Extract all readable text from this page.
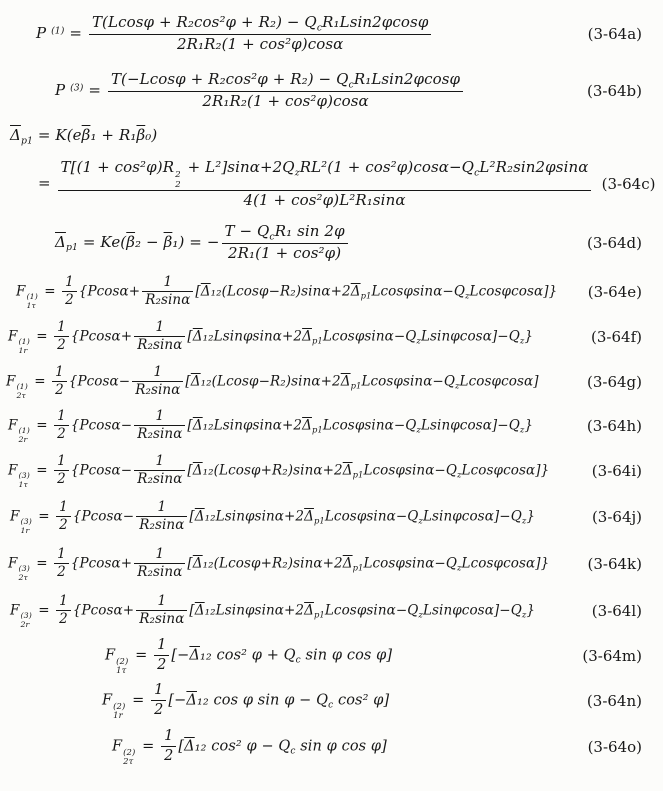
P $^{(1)}$ =
$T(Lcos\varphi + R_2\cos^2\varphi + R_2) - Q_cR_1Lsin2\varphi\cos\varphi$
2R₁R₂(1 + cos²φ)cosα
(3-64a)
P $^{(3)}$ =
$T(-Lcos\varphi + R_2\cos^2\varphi + R_2) - Q_cR_1Lsin2\varphi\cos\varphi$
2R₁R₂(1 + cos²φ)cosα
(3-64b)
$\overline{\Delta}_{p1} = K(e\overline{\beta}_1 + R_1\overline{\beta}_0)$
=
T[(1 + cos²φ)R 2
2
+ $L^2]\sin\alpha+2Q_zRL^2(1 + \cos^2\varphi)\cos\alpha-Q_cL^2R_2\sin 2\varphi\sin\alpha$
4(1 + cos²φ)L²R₁sinα
(3-64c)
$\overline{\Delta}_{p1} = Ke(\overline{\beta}_2 - \overline{\beta}_1)$ = −
$T - Q_cR_1$ sin 2φ
2R₁(1 + cos²φ)
(3-64d)
F (1)
1τ
= $\frac{1}{2} \{Pcos\alpha+ \frac{1}{\text{R₂sinα}} [\overline{\Delta}_{12}(Lcos\varphi-R_2)\sin\alpha+2\overline{\Delta}_{p1}Lcos\varphi\sin\alpha-Q_zLcos\varphi\cos\alpha]\}$	(3-64e)
F (1)
1r
= $\frac{1}{2} \{Pcos\alpha+ \frac{1}{\text{R₂sinα}} [\overline{\Delta}_{12}Lsin\varphi\sin\alpha+2\overline{\Delta}_{p1}Lcos\varphi\sin\alpha-Q_zLsin\varphi\cos\alpha]-Q_z\}$	(3-64f)
F (1)
2τ
= $\frac{1}{2} \{Pcos\alpha- \frac{1}{\text{R₂sinα}} [\overline{\Delta}_{12}(Lcos\varphi-R_2)\sin\alpha+2\overline{\Delta}_{p1}Lcos\varphi\sin\alpha-Q_zLcos\varphi\cos\alpha]$	(3-64g)
F (1)
2r
= $\frac{1}{2} \{Pcos\alpha- \frac{1}{\text{R₂sinα}} [\overline{\Delta}_{12}Lsin\varphi\sin\alpha+2\overline{\Delta}_{p1}Lcos\varphi\sin\alpha-Q_zLsin\varphi\cos\alpha]-Q_z\}$	(3-64h)
F (3)
1τ
= $\frac{1}{2} \{Pcos\alpha- \frac{1}{\text{R₂sinα}} [\overline{\Delta}_{12}(Lcos\varphi+R_2)\sin\alpha+2\overline{\Delta}_{p1}Lcos\varphi\sin\alpha-Q_zLcos\varphi\cos\alpha]\}$	(3-64i)
F (3)
1r
= $\frac{1}{2} \{Pcos\alpha- \frac{1}{\text{R₂sinα}} [\overline{\Delta}_{12}Lsin\varphi\sin\alpha+2\overline{\Delta}_{p1}Lcos\varphi\sin\alpha-Q_zLsin\varphi\cos\alpha]-Q_z\}$	(3-64j)
F (3)
2τ
= $\frac{1}{2} \{Pcos\alpha+ \frac{1}{\text{R₂sinα}} [\overline{\Delta}_{12}(Lcos\varphi+R_2)\sin\alpha+2\overline{\Delta}_{p1}Lcos\varphi\sin\alpha-Q_zLcos\varphi\cos\alpha]\}$	(3-64k)
F (3)
2r
= $\frac{1}{2} \{Pcos\alpha+ \frac{1}{\text{R₂sinα}} [\overline{\Delta}_{12}Lsin\varphi\sin\alpha+2\overline{\Delta}_{p1}Lcos\varphi\sin\alpha-Q_zLsin\varphi\cos\alpha]-Q_z\}$	(3-64l)
F (2)
1τ
= $\frac{1}{2} [-\overline{\Delta}_{12}$ cos² $\varphi + Q_c$ sin φ cos φ]	(3-64m)
F (2)
1r
= $\frac{1}{2} [-\overline{\Delta}_{12}$ cos φ $\sin \varphi - Q_c$ cos² φ]	(3-64n)
F (2)
2τ
= $\frac{1}{2} [\overline{\Delta}_{12}$ cos² $\varphi - Q_c$ sin φ cos φ]	(3-64o)
